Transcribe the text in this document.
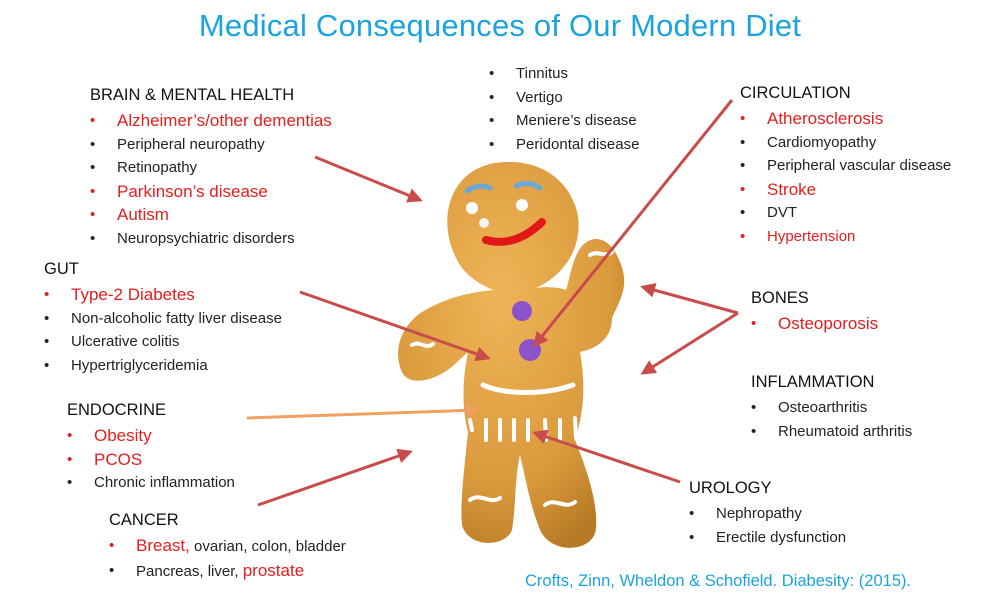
Medical Consequences of Our Modern Diet
• Tinnitus
• Vertigo
• Meniere’s disease
• Peridontal disease
BRAIN & MENTAL HEALTH
• Alzheimer’s/other dementias
• Peripheral neuropathy
• Retinopathy
• Parkinson’s disease
• Autism
• Neuropsychiatric disorders
GUT
• Type-2 Diabetes
• Non-alcoholic fatty liver disease
• Ulcerative colitis
• Hypertriglyceridemia
ENDOCRINE
• Obesity
• PCOS
• Chronic inflammation
CANCER
• Breast, ovarian, colon, bladder
• Pancreas, liver, prostate
CIRCULATION
• Atherosclerosis
• Cardiomyopathy
• Peripheral vascular disease
• Stroke
• DVT
• Hypertension
BONES
• Osteoporosis
INFLAMMATION
• Osteoarthritis
• Rheumatoid arthritis
UROLOGY
• Nephropathy
• Erectile dysfunction
Crofts, Zinn, Wheldon & Schofield. Diabesity: (2015).
